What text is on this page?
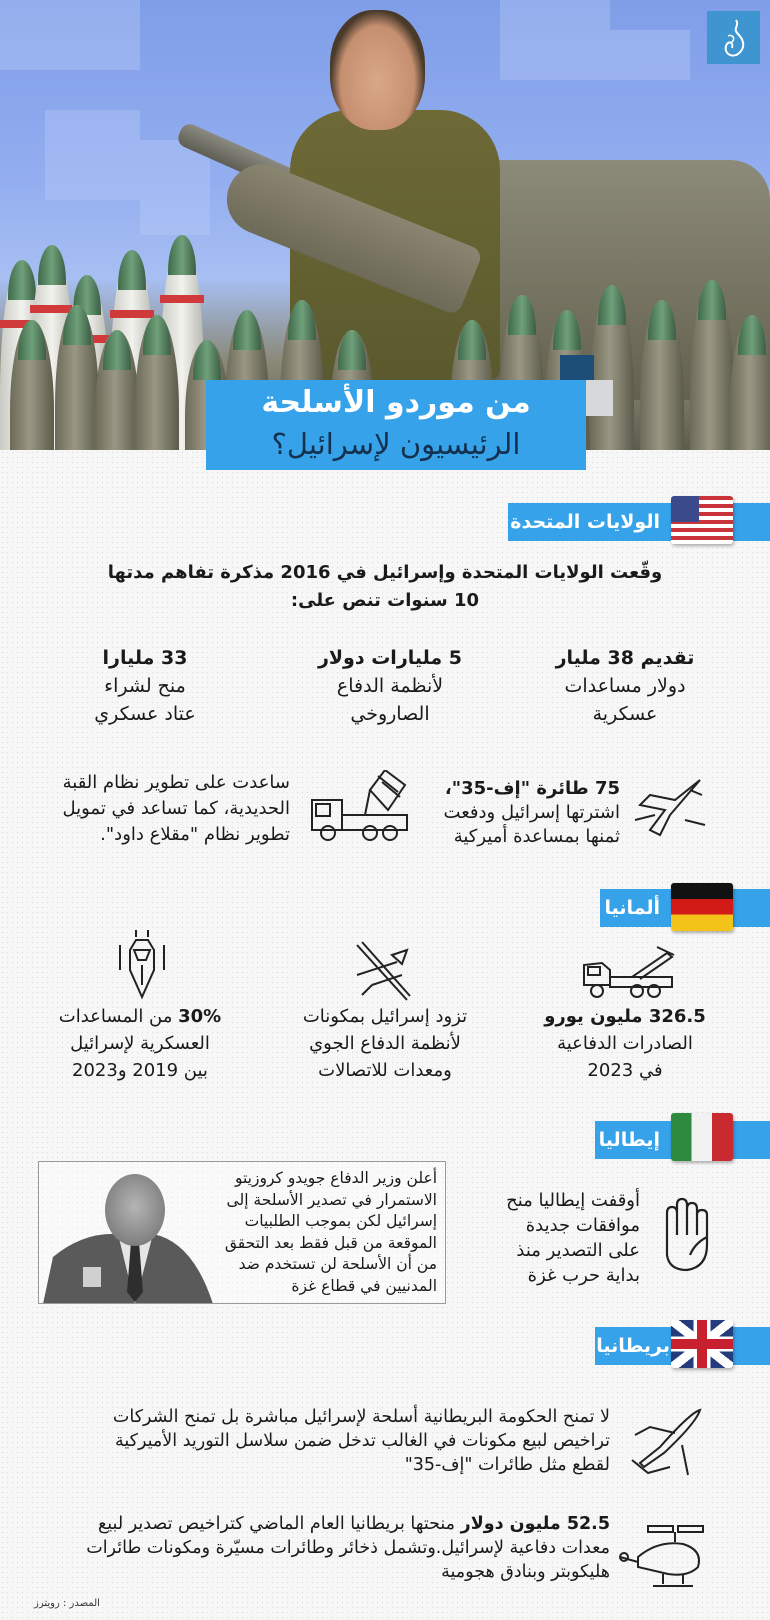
من موردو الأسلحة
الرئيسيون لإسرائيل؟
الولايات المتحدة
وقّعت الولايات المتحدة وإسرائيل في 2016 مذكرة تفاهم مدتها
10 سنوات تنص على:
تقديم 38 مليار
دولار مساعدات
عسكرية
5 مليارات دولار
لأنظمة الدفاع
الصاروخي
33 مليارا
منح لشراء
عتاد عسكري
75 طائرة "إف-35"،
اشترتها إسرائيل ودفعت
ثمنها بمساعدة أميركية
ساعدت على تطوير نظام القبة
الحديدية، كما تساعد في تمويل
تطوير نظام "مقلاع داود".
ألمانيا
326.5 مليون يورو
الصادرات الدفاعية
في 2023
تزود إسرائيل بمكونات
لأنظمة الدفاع الجوي
ومعدات للاتصالات
30% من المساعدات
العسكرية لإسرائيل
بين 2019 و2023
إيطاليا
أوقفت إيطاليا منح
موافقات جديدة
على التصدير منذ
بداية حرب غزة
أعلن وزير الدفاع جويدو كروزيتو
الاستمرار في تصدير الأسلحة إلى
إسرائيل لكن بموجب الطلبيات
الموقعة من قبل فقط بعد التحقق
من أن الأسلحة لن تستخدم ضد
المدنيين في قطاع غزة
بريطانيا
لا تمنح الحكومة البريطانية أسلحة لإسرائيل مباشرة بل تمنح الشركات
تراخيص لبيع مكونات في الغالب تدخل ضمن سلاسل التوريد الأميركية
لقطع مثل طائرات "إف-35"
52.5 مليون دولار منحتها بريطانيا العام الماضي كتراخيص تصدير لبيع
معدات دفاعية لإسرائيل.وتشمل ذخائر وطائرات مسيّرة ومكونات طائرات
هليكوبتر وبنادق هجومية
المصدر : رويترز
